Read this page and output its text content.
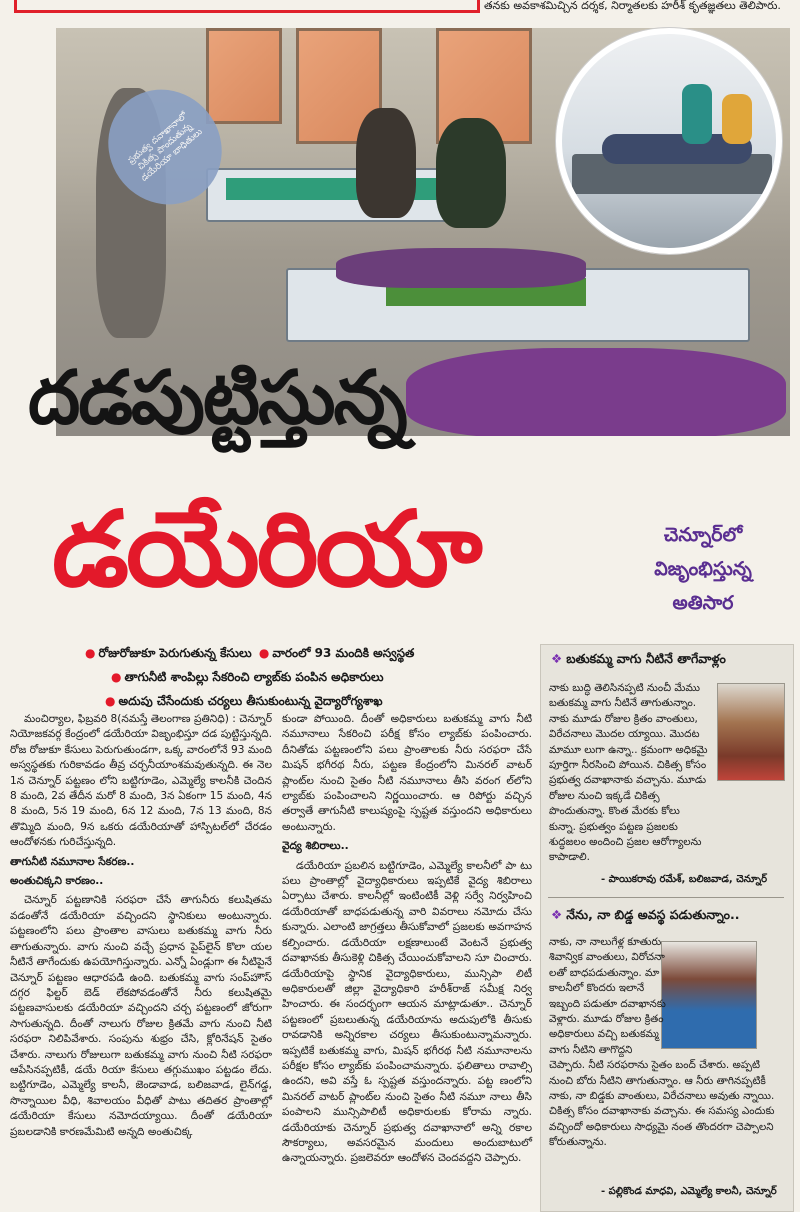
తనకు అవకాశమిచ్చిన దర్శక, నిర్మాతలకు హరీశ్ కృతజ్ఞతలు తెలిపారు.
ప్రభుత్వ దవాఖానాలో చికిత్స పొందుతున్న డయేరియా బాధితులు
దడపుట్టిస్తున్న
డయేరియా	చెన్నూర్‌లో
విజృంభిస్తున్న
అతిసార
● రోజురోజుకూ పెరుగుతున్న కేసులు ● వారంలో 93 మందికి అస్వస్థత
● తాగునీటి శాంపిల్లు సేకరించి ల్యాబ్‌కు పంపిన అధికారులు
● అదుపు చేసేందుకు చర్యలు తీసుకుంటున్న వైద్యారోగ్యశాఖ

మంచిర్యాల, ఫిబ్రవరి 8(నమస్తే తెలంగాణ ప్రతినిధి) : చెన్నూర్ నియోజకవర్గ కేంద్రంలో డయేరియా విజృంభిస్తూ దడ పుట్టిస్తున్నది. రోజ రోజుకూ కేసులు పెరుగుతుండగా, ఒక్క వారంలోనే 93 మంది అస్వస్థతకు గురికావడం తీవ్ర చర్చనీయాంశమవుతున్నది. ఈ నెల 1న చెన్నూర్ పట్టణం లోని బట్టిగూడెం, ఎమ్మెల్యే కాలనీకి చెందిన 8 మంది, 2వ తేదీన మరో 8 మంది, 3న ఏకంగా 15 మంది, 4న 8 మంది, 5న 19 మంది, 6న 12 మంది, 7న 13 మంది, 8న తొమ్మిది మంది, 9న ఒకరు డయేరియాతో హాస్పిటల్‌లో చేరడం ఆందోళనకు గురిచేస్తున్నది.

తాగునీటి నమూనాల సేకరణ..

అంతుచిక్కని కారణం..

చెన్నూర్ పట్టణానికి సరఫరా చేసే తాగునీరు కలుషితమ వడంతోనే డయేరియా వచ్చిందని స్థానికులు అంటున్నారు. పట్టణంలోని పలు ప్రాంతాల వాసులు బతుకమ్మ వాగు నీరు తాగుతున్నారు. వాగు నుంచి వచ్చే ప్రధాన పైప్‌లైన్ కొలా యల నీటినే తాగేందుకు ఉపయోగిస్తున్నారు. ఎన్నో ఏండ్లుగా ఈ నీటిపైనే చెన్నూర్ పట్టణం ఆధారపడి ఉంది. బతుకమ్మ వాగు సంప్‌హౌస్ దగ్గర ఫిల్టర్ బెడ్ లేకపోవడంతోనే నీరు కలుషితమై పట్టణవాసులకు డయేరియా వచ్చిందని చర్చ పట్టణంలో జోరుగా సాగుతున్నది. దీంతో నాలుగు రోజుల క్రితమే వాగు నుంచి నీటి సరఫరా నిలిపివేశారు. సంపును శుభ్రం చేసి, క్లోరినేషన్ సైతం చేశారు. నాలుగు రోజులుగా బతుకమ్మ వాగు నుంచి నీటి సరఫరా ఆపేసినప్పటికీ, డయే రియా కేసులు తగ్గుముఖం పట్టడం లేదు. బట్టిగూడెం, ఎమ్మెల్యే కాలనీ, జెండావాడ, బలిజవాడ, లైన్‌గడ్డ, సొన్నాయిల వీధి, శివాలయం వీధితో పాటు తదితర ప్రాంతాల్లో డయేరియా కేసులు నమోదయ్యాయి. దీంతో డయేరియా ప్రబలడానికి కారణమేమిటి అన్నది అంతుచిక్క

కుండా పోయింది. దీంతో అధికారులు బతుకమ్మ వాగు నీటి నమూనాలు సేకరించి పరీక్ష కోసం ల్యాబ్‌కు పంపించారు. దీనితోడు పట్టణంలోని పలు ప్రాంతాలకు నీరు సరఫరా చేసే మిషన్ భగీరథ నీరు, పట్టణ కేంద్రంలోని మినరల్ వాటర్ ప్లాంట్‌ల నుంచి సైతం నీటి నమూనాలు తీసి వరంగ ల్‌లోని ల్యాబ్‌కు పంపించాలని నిర్ణయించారు. ఆ రిపోర్టు వచ్చిన తర్వాతే తాగునీటి కాలుష్యంపై స్పష్టత వస్తుందని అధికారులు అంటున్నారు.

వైద్య శిబిరాలు..

డయేరియా ప్రబలిన బట్టిగూడెం, ఎమ్మెల్యే కాలనీలో పా టు పలు ప్రాంతాల్లో వైద్యాధికారులు ఇప్పటికే వైద్య శిబిరాలు ఏర్పాటు చేశారు. కాలనీల్లో ఇంటింటికీ వెళ్లి సర్వే నిర్వహించి డయేరియాతో బాధపడుతున్న వారి వివరాలు నమోదు చేసు కున్నారు. ఎలాంటి జాగ్రత్తలు తీసుకోవాలో ప్రజలకు అవగాహన కల్పించారు. డయేరియా లక్షణాలుంటే వెంటనే ప్రభుత్వ దవాఖానకు తీసుకెళ్లి చికిత్స చేయించుకోవాలని సూ చించారు. డయేరియాపై స్థానిక వైద్యాధికారులు, మున్సిపా లిటీ అధికారులతో జిల్లా వైద్యాధికారి హరీశ్‌రాజ్ సమీక్ష నిర్వ హించారు. ఈ సందర్భంగా ఆయన మాట్లాడుతూ.. చెన్నూర్ పట్టణంలో ప్రబలుతున్న డయేరియాను అదుపులోకి తీసుకు రావడానికి అన్నిరకాల చర్యలు తీసుకుంటున్నామన్నారు. ఇప్పటికే బతుకమ్మ వాగు, మిషన్ భగీరథ నీటి నమూనాలను పరీక్షల కోసం ల్యాబ్‌కు పంపించామన్నారు. ఫలితాలు రావాల్సి ఉందని, అవి వస్తే ఓ స్పష్టత వస్తుందన్నారు. పట్ట ణంలోని మినరల్ వాటర్ ప్లాంట్‌ల నుంచి సైతం నీటి నమూ నాలు తీసి పంపాలని మున్సిపాలిటీ అధికారులకు కోరామ న్నారు. డయేరియాకు చెన్నూర్ ప్రభుత్వ దవాఖానాలో అన్ని రకాల సౌకర్యాలు, అవసరమైన మందులు అందుబాటులో ఉన్నాయన్నారు. ప్రజలెవరూ ఆందోళన చెందవద్దని చెప్పారు.

❖ బతుకమ్మ వాగు నీటినే తాగేవాళ్లం
నాకు బుద్ధి తెలిసినప్పటి నుంచీ మేము బతుకమ్మ వాగు నీటినే తాగుతున్నాం. నాకు మూడు రోజుల క్రితం వాంతులు, విరేచనాలు మొదల య్యాయి. మొదట మామూ లుగా ఉన్నా.. క్రమంగా అధికమై పూర్తిగా నీరసించి పోయిన. చికిత్స కోసం ప్రభుత్వ దవాఖానాకు వచ్చాను. మూడు రోజుల నుంచి ఇక్కడే చికిత్స పొందుతున్నా. కొంత మేరకు కోలు కున్నా. ప్రభుత్వం పట్టణ ప్రజలకు శుద్ధజలం అందించి ప్రజల ఆరోగ్యాలను కాపాడాలి.
- పాయికరావు రమేశ్, బలిజవాడ, చెన్నూర్
❖ నేను, నా బిడ్డ అవస్థ పడుతున్నాం..
నాకు, నా నాలుగేళ్ల కూతురు శివాన్విక వాంతులు, విరోచనా లతో బాధపడుతున్నాం. మా కాలనీలో కొందరు ఇలానే ఇబ్బంది పడుతూ దవాఖానకు వెళ్లారు. మూడు రోజుల క్రితం అధికారులు వచ్చి బతుకమ్మ వాగు నీటిని తాగొద్దని చెప్పారు. నీటి సరఫరాను సైతం బంద్ చేశారు. అప్పటి నుంచి బోరు నీటిని తాగుతున్నాం. ఆ నీరు తాగినప్పటికీ నాకు, నా బిడ్డకు వాంతులు, విరేచనాలు అవుతు న్నాయి. చికిత్స కోసం దవాఖానాకు వచ్చాను. ఈ సమస్య ఎందుకు వచ్చిందో అధికారులు సాధ్యమై నంత తొందరగా చెప్పాలని కోరుతున్నాను.
- పల్లికొండ మాధవి, ఎమ్మెల్యే కాలనీ, చెన్నూర్
